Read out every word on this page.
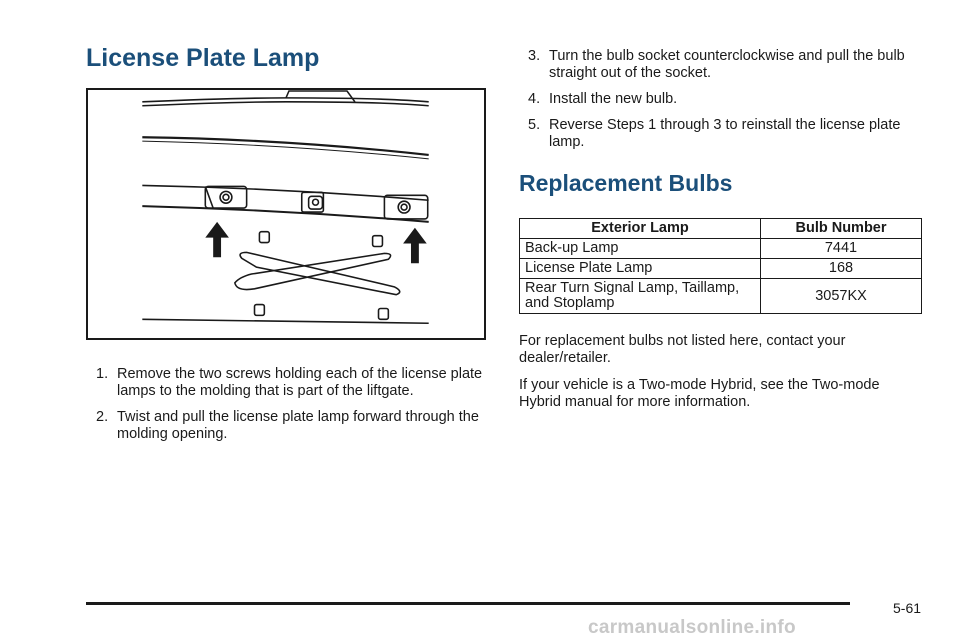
License Plate Lamp
1. Remove the two screws holding each of the license plate lamps to the molding that is part of the liftgate.
2. Twist and pull the license plate lamp forward through the molding opening.
3. Turn the bulb socket counterclockwise and pull the bulb straight out of the socket.
4. Install the new bulb.
5. Reverse Steps 1 through 3 to reinstall the license plate lamp.
Replacement Bulbs
Exterior Lamp	Bulb Number
Back-up Lamp	7441
License Plate Lamp	168
Rear Turn Signal Lamp, Taillamp, and Stoplamp	3057KX

For replacement bulbs not listed here, contact your dealer/retailer.

If your vehicle is a Two-mode Hybrid, see the Two-mode Hybrid manual for more information.

5-61
carmanualsonline.info
